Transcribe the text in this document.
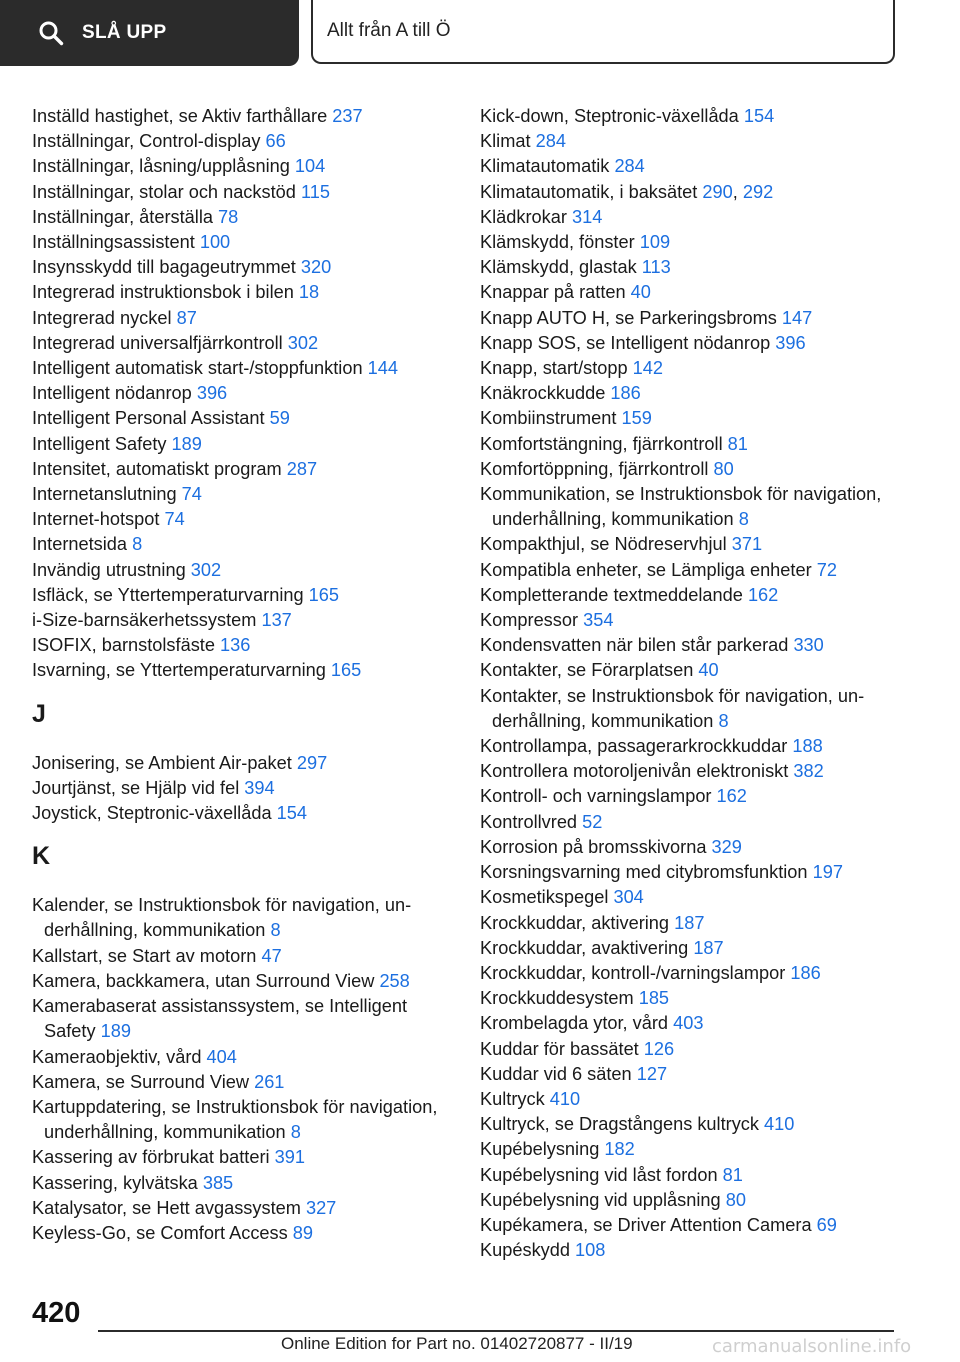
SLÅ UPP	Allt från A till Ö
Inställd hastighet, se Aktiv farthållare 237
Inställningar, Control-display 66
Inställningar, låsning/upplåsning 104
Inställningar, stolar och nackstöd 115
Inställningar, återställa 78
Inställningsassistent 100
Insynsskydd till bagageutrymmet 320
Integrerad instruktionsbok i bilen 18
Integrerad nyckel 87
Integrerad universalfjärrkontroll 302
Intelligent automatisk start-/stoppfunktion 144
Intelligent nödanrop 396
Intelligent Personal Assistant 59
Intelligent Safety 189
Intensitet, automatiskt program 287
Internetanslutning 74
Internet-hotspot 74
Internetsida 8
Invändig utrustning 302
Isfläck, se Yttertemperaturvarning 165
i-Size-barnsäkerhetssystem 137
ISOFIX, barnstolsfäste 136
Isvarning, se Yttertemperaturvarning 165
J
Jonisering, se Ambient Air-paket 297
Jourtjänst, se Hjälp vid fel 394
Joystick, Steptronic-växellåda 154
K
Kalender, se Instruktionsbok för navigation, underhållning, kommunikation 8
Kallstart, se Start av motorn 47
Kamera, backkamera, utan Surround View 258
Kamerabaserat assistanssystem, se Intelligent Safety 189
Kameraobjektiv, vård 404
Kamera, se Surround View 261
Kartuppdatering, se Instruktionsbok för navigation, underhållning, kommunikation 8
Kassering av förbrukat batteri 391
Kassering, kylvätska 385
Katalysator, se Hett avgassystem 327
Keyless-Go, se Comfort Access 89
Kick-down, Steptronic-växellåda 154
Klimat 284
Klimatautomatik 284
Klimatautomatik, i baksätet 290, 292
Klädkrokar 314
Klämskydd, fönster 109
Klämskydd, glastak 113
Knappar på ratten 40
Knapp AUTO H, se Parkeringsbroms 147
Knapp SOS, se Intelligent nödanrop 396
Knapp, start/stopp 142
Knäkrockkudde 186
Kombiinstrument 159
Komfortstängning, fjärrkontroll 81
Komfortöppning, fjärrkontroll 80
Kommunikation, se Instruktionsbok för navigation, underhållning, kommunikation 8
Kompakthjul, se Nödreservhjul 371
Kompatibla enheter, se Lämpliga enheter 72
Kompletterande textmeddelande 162
Kompressor 354
Kondensvatten när bilen står parkerad 330
Kontakter, se Förarplatsen 40
Kontakter, se Instruktionsbok för navigation, underhållning, kommunikation 8
Kontrollampa, passagerarkrockkuddar 188
Kontrollera motoroljenivån elektroniskt 382
Kontroll- och varningslampor 162
Kontrollvred 52
Korrosion på bromsskivorna 329
Korsningsvarning med citybromsfunktion 197
Kosmetikspegel 304
Krockkuddar, aktivering 187
Krockkuddar, avaktivering 187
Krockkuddar, kontroll-/varningslampor 186
Krockkuddesystem 185
Krombelagda ytor, vård 403
Kuddar för bassätet 126
Kuddar vid 6 säten 127
Kultryck 410
Kultryck, se Dragstångens kultryck 410
Kupébelysning 182
Kupébelysning vid låst fordon 81
Kupébelysning vid upplåsning 80
Kupékamera, se Driver Attention Camera 69
Kupéskydd 108
420
Online Edition for Part no. 01402720877 - II/19	carmanualsonline.info
